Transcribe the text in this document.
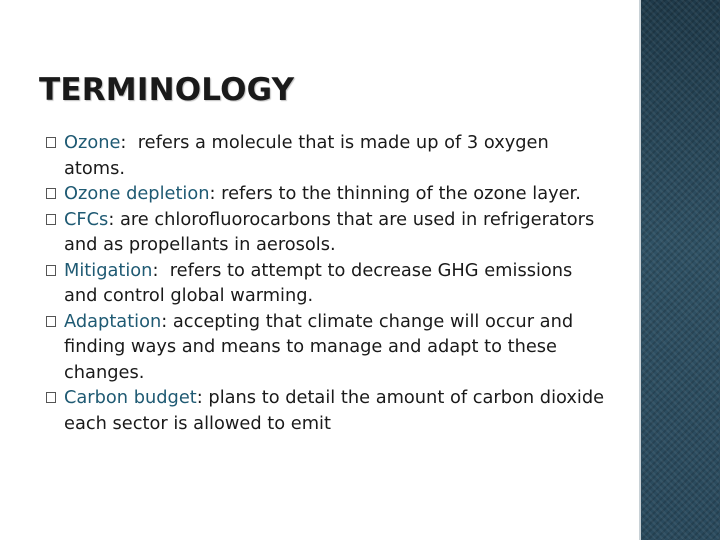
TERMINOLOGY
Ozone:  refers a molecule that is made up of 3 oxygen atoms.
Ozone depletion: refers to the thinning of the ozone layer.
CFCs: are chlorofluorocarbons that are used in refrigerators and as propellants in aerosols.
Mitigation:  refers to attempt to decrease GHG emissions and control global warming.
Adaptation: accepting that climate change will occur and finding ways and means to manage and adapt to these changes.
Carbon budget: plans to detail the amount of carbon dioxide  each sector is allowed to emit
